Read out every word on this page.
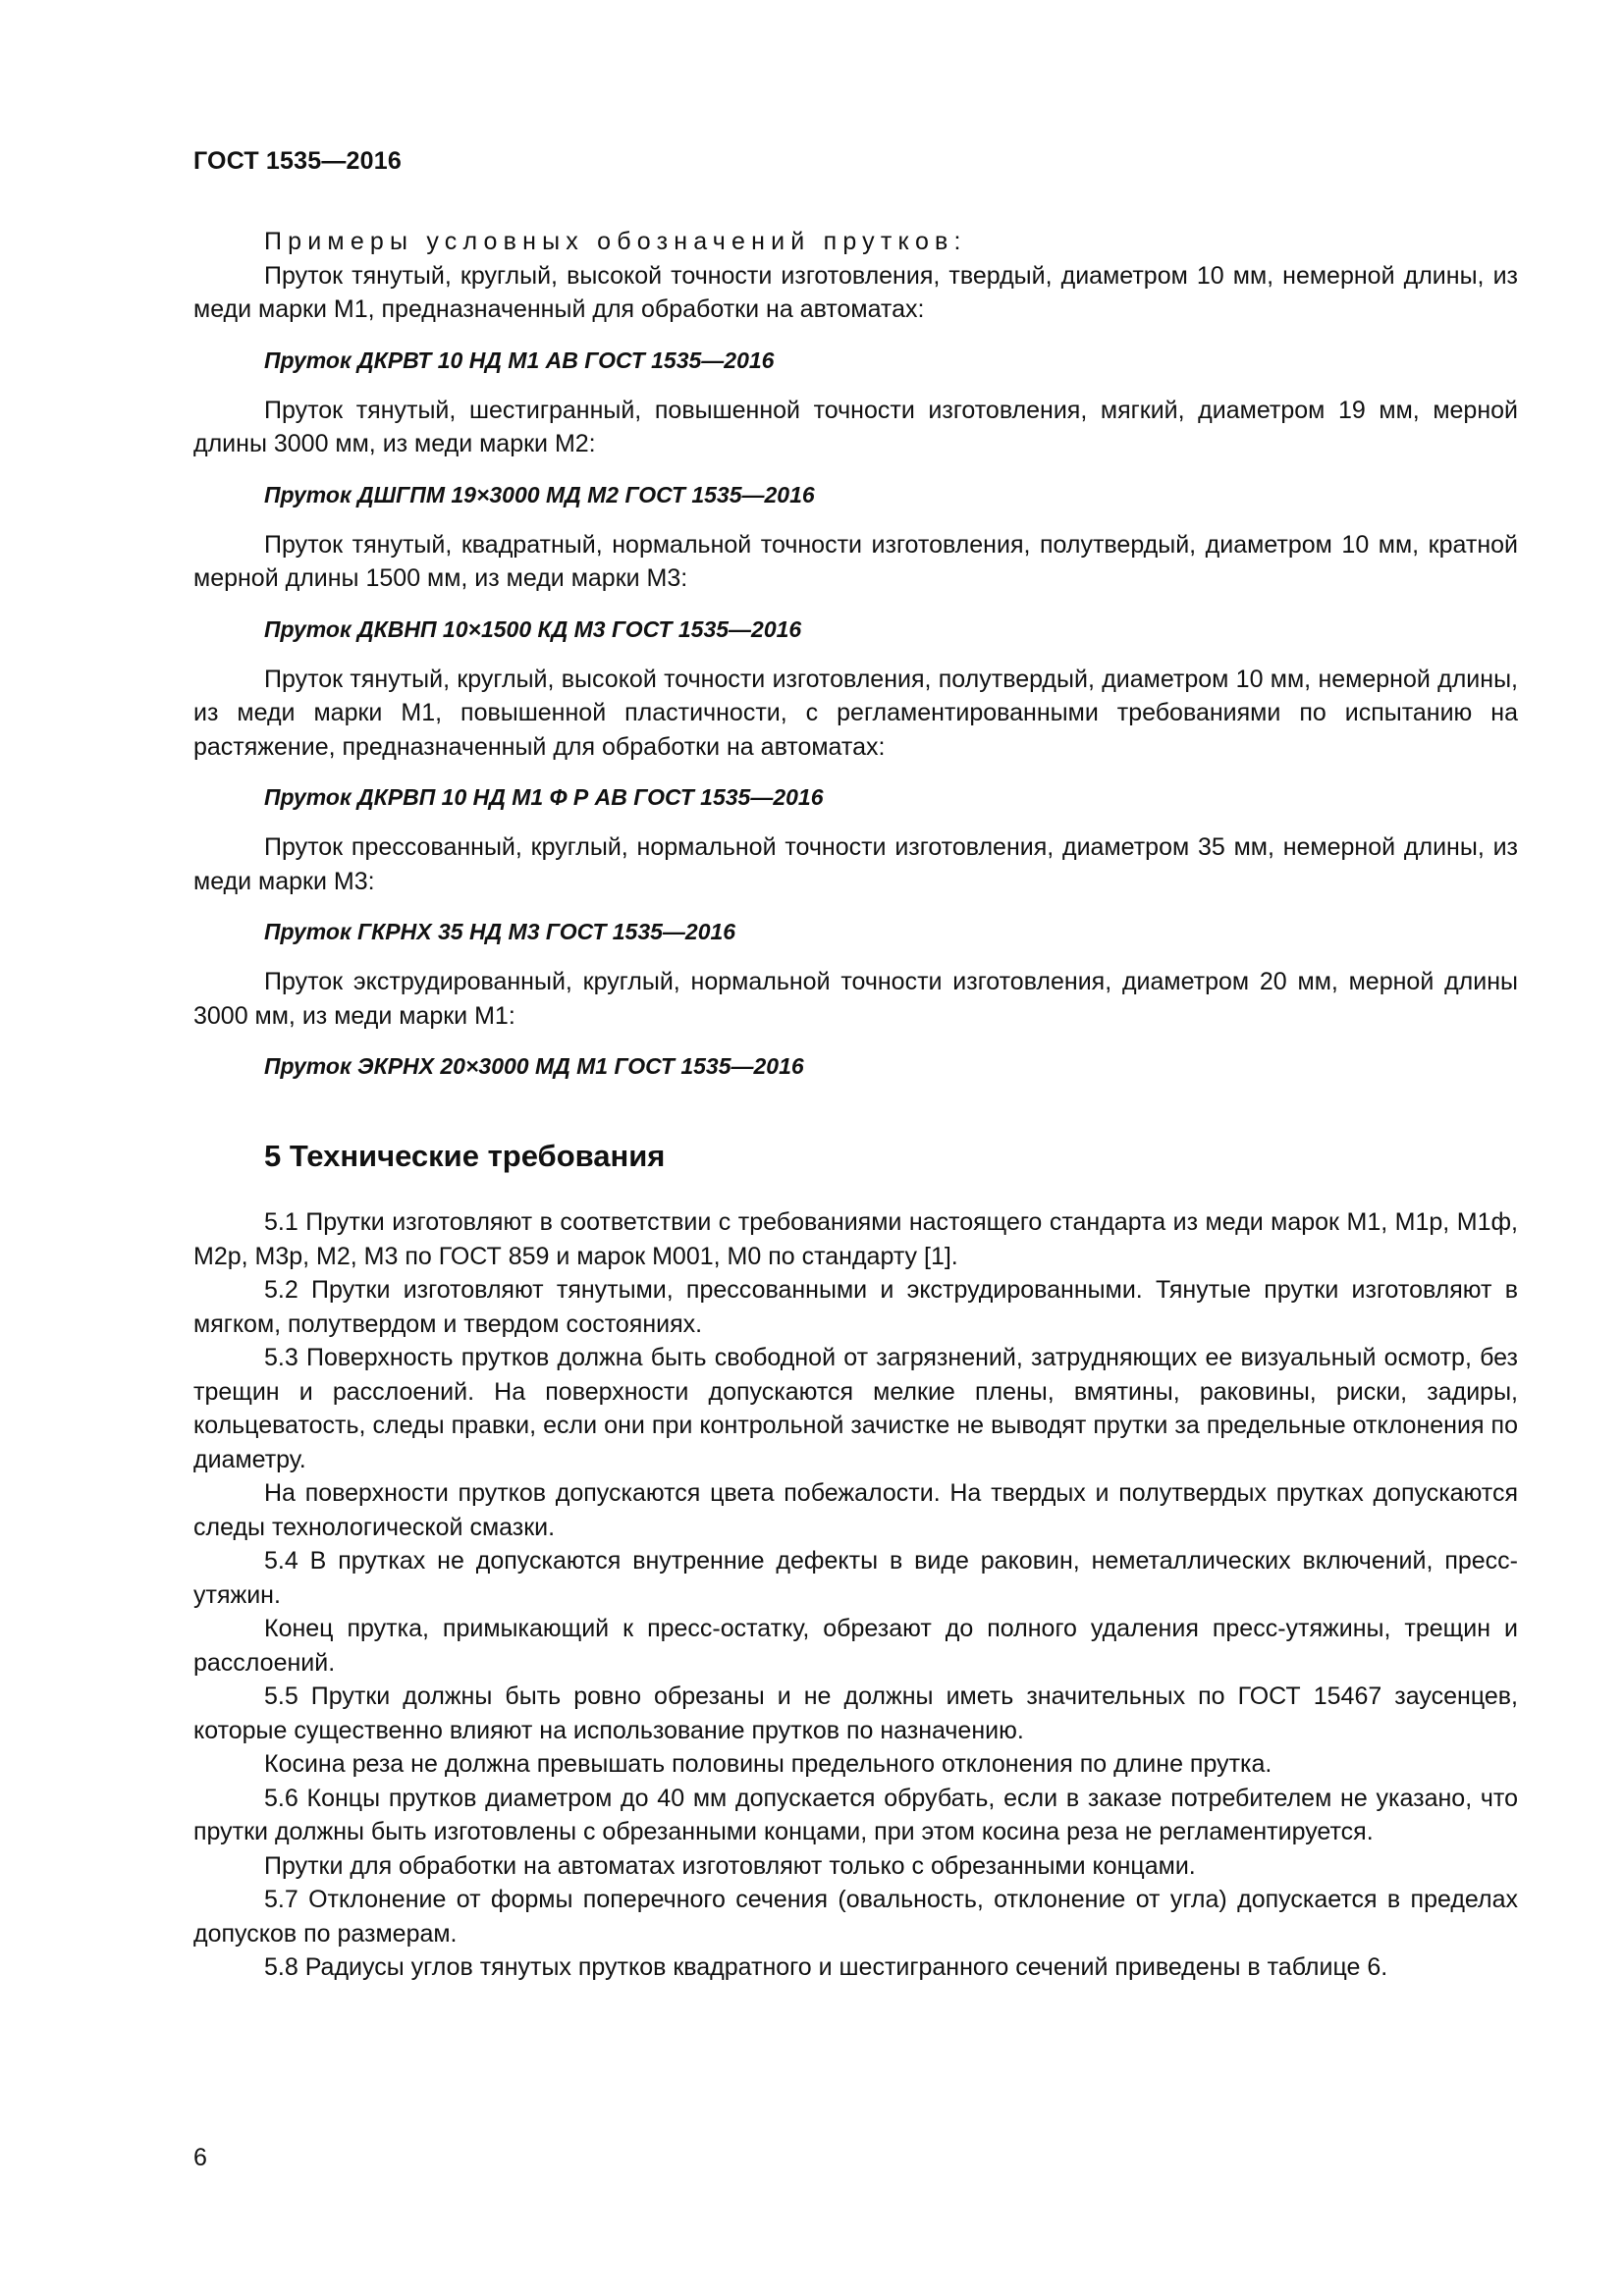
ГОСТ 1535—2016

Примеры условных обозначений прутков:

Пруток тянутый, круглый, высокой точности изготовления, твердый, диаметром 10 мм, немерной длины, из меди марки М1, предназначенный для обработки на автоматах:

Пруток ДКРВТ 10 НД М1 АВ ГОСТ 1535—2016

Пруток тянутый, шестигранный, повышенной точности изготовления, мягкий, диаметром 19 мм, мерной длины 3000 мм, из меди марки М2:

Пруток ДШГПМ 19×3000 МД М2 ГОСТ 1535—2016

Пруток тянутый, квадратный, нормальной точности изготовления, полутвердый, диаметром 10 мм, кратной мерной длины 1500 мм, из меди марки М3:

Пруток ДКВНП 10×1500 КД М3 ГОСТ 1535—2016

Пруток тянутый, круглый, высокой точности изготовления, полутвердый, диаметром 10 мм, немерной длины, из меди марки М1, повышенной пластичности, с регламентированными требованиями по испытанию на растяжение, предназначенный для обработки на автоматах:

Пруток ДКРВП 10 НД М1 Ф Р АВ ГОСТ 1535—2016

Пруток прессованный, круглый, нормальной точности изготовления, диаметром 35 мм, немерной длины, из меди марки М3:

Пруток ГКРНХ 35 НД М3 ГОСТ 1535—2016

Пруток экструдированный, круглый, нормальной точности изготовления, диаметром 20 мм, мерной длины 3000 мм, из меди марки М1:

Пруток ЭКРНХ 20×3000 МД М1 ГОСТ 1535—2016

5 Технические требования

5.1 Прутки изготовляют в соответствии с требованиями настоящего стандарта из меди марок М1, М1р, М1ф, М2р, М3р, М2, М3 по ГОСТ 859 и марок М001, М0 по стандарту [1].

5.2 Прутки изготовляют тянутыми, прессованными и экструдированными. Тянутые прутки изготовляют в мягком, полутвердом и твердом состояниях.

5.3 Поверхность прутков должна быть свободной от загрязнений, затрудняющих ее визуальный осмотр, без трещин и расслоений. На поверхности допускаются мелкие плены, вмятины, раковины, риски, задиры, кольцеватость, следы правки, если они при контрольной зачистке не выводят прутки за предельные отклонения по диаметру.

На поверхности прутков допускаются цвета побежалости. На твердых и полутвердых прутках допускаются следы технологической смазки.

5.4 В прутках не допускаются внутренние дефекты в виде раковин, неметаллических включений, пресс-утяжин.

Конец прутка, примыкающий к пресс-остатку, обрезают до полного удаления пресс-утяжины, трещин и расслоений.

5.5 Прутки должны быть ровно обрезаны и не должны иметь значительных по ГОСТ 15467 заусенцев, которые существенно влияют на использование прутков по назначению.

Косина реза не должна превышать половины предельного отклонения по длине прутка.

5.6 Концы прутков диаметром до 40 мм допускается обрубать, если в заказе потребителем не указано, что прутки должны быть изготовлены с обрезанными концами, при этом косина реза не регламентируется.

Прутки для обработки на автоматах изготовляют только с обрезанными концами.

5.7 Отклонение от формы поперечного сечения (овальность, отклонение от угла) допускается в пределах допусков по размерам.

5.8 Радиусы углов тянутых прутков квадратного и шестигранного сечений приведены в таблице 6.

6
